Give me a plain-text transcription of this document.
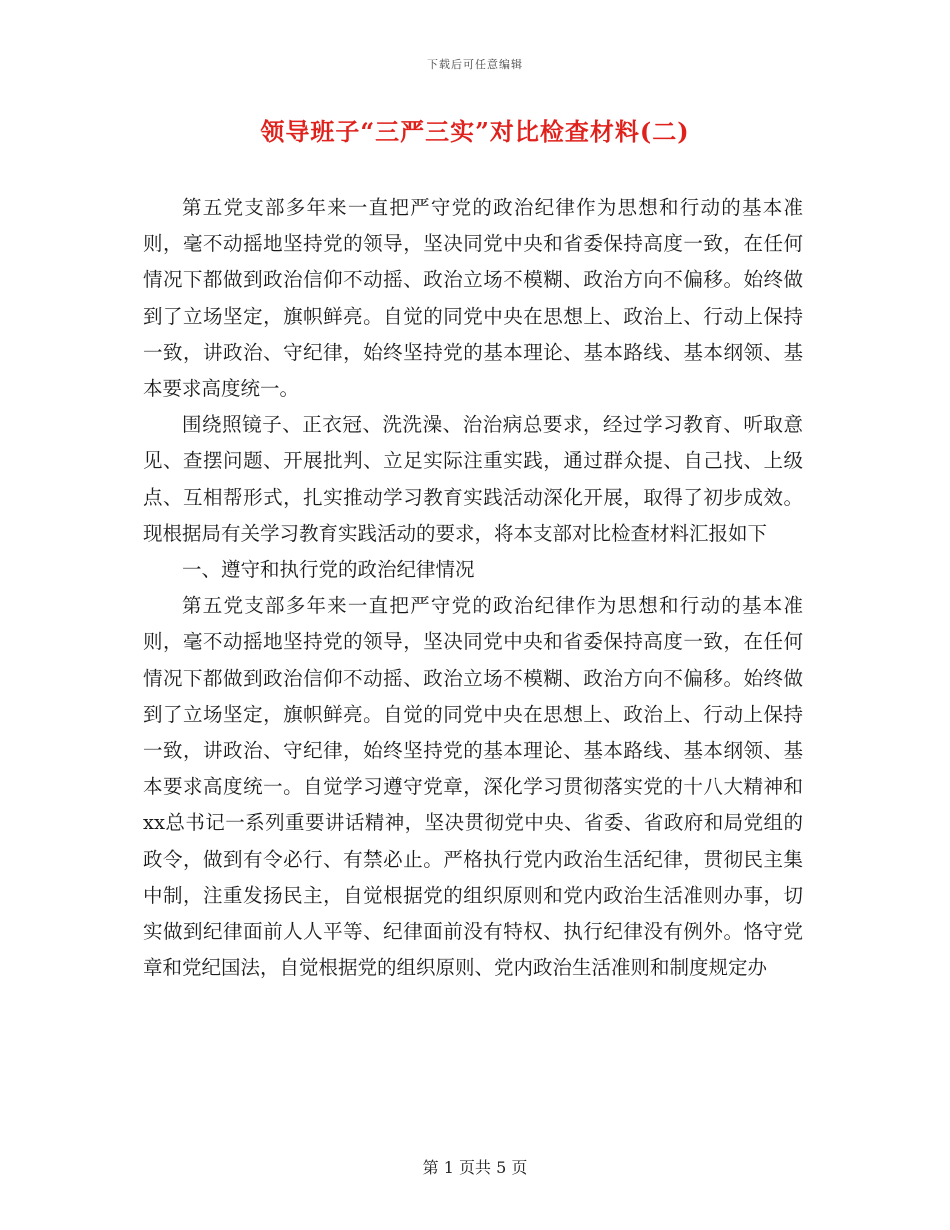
下载后可任意编辑
领导班子“三严三实”对比检查材料(二)

第五党支部多年来一直把严守党的政治纪律作为思想和行动的基本准则，毫不动摇地坚持党的领导，坚决同党中央和省委保持高度一致，在任何情况下都做到政治信仰不动摇、政治立场不模糊、政治方向不偏移。始终做到了立场坚定，旗帜鲜亮。自觉的同党中央在思想上、政治上、行动上保持一致，讲政治、守纪律，始终坚持党的基本理论、基本路线、基本纲领、基本要求高度统一。

围绕照镜子、正衣冠、洗洗澡、治治病总要求，经过学习教育、听取意见、查摆问题、开展批判、立足实际注重实践，通过群众提、自己找、上级点、互相帮形式，扎实推动学习教育实践活动深化开展，取得了初步成效。现根据局有关学习教育实践活动的要求，将本支部对比检查材料汇报如下

一、遵守和执行党的政治纪律情况

第五党支部多年来一直把严守党的政治纪律作为思想和行动的基本准则，毫不动摇地坚持党的领导，坚决同党中央和省委保持高度一致，在任何情况下都做到政治信仰不动摇、政治立场不模糊、政治方向不偏移。始终做到了立场坚定，旗帜鲜亮。自觉的同党中央在思想上、政治上、行动上保持一致，讲政治、守纪律，始终坚持党的基本理论、基本路线、基本纲领、基本要求高度统一。自觉学习遵守党章，深化学习贯彻落实党的十八大精神和xx总书记一系列重要讲话精神，坚决贯彻党中央、省委、省政府和局党组的政令，做到有令必行、有禁必止。严格执行党内政治生活纪律，贯彻民主集中制，注重发扬民主，自觉根据党的组织原则和党内政治生活准则办事，切实做到纪律面前人人平等、纪律面前没有特权、执行纪律没有例外。恪守党章和党纪国法，自觉根据党的组织原则、党内政治生活准则和制度规定办

第 1 页共 5 页
